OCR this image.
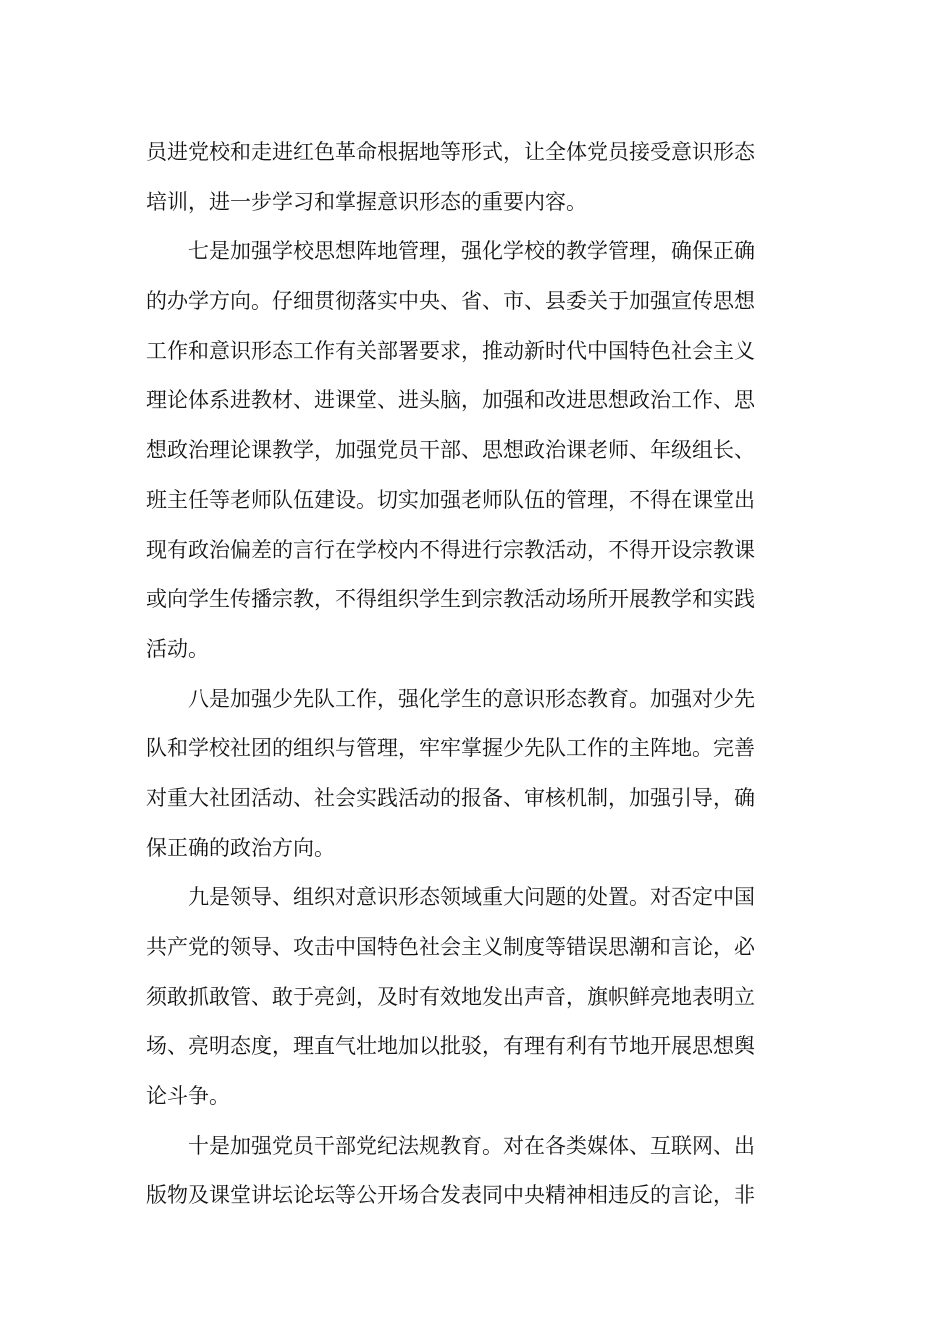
员进党校和走进红色革命根据地等形式，让全体党员接受意识形态
培训，进一步学习和掌握意识形态的重要内容。
七是加强学校思想阵地管理，强化学校的教学管理，确保正确
的办学方向。仔细贯彻落实中央、省、市、县委关于加强宣传思想
工作和意识形态工作有关部署要求，推动新时代中国特色社会主义
理论体系进教材、进课堂、进头脑，加强和改进思想政治工作、思
想政治理论课教学，加强党员干部、思想政治课老师、年级组长、
班主任等老师队伍建设。切实加强老师队伍的管理，不得在课堂出
现有政治偏差的言行在学校内不得进行宗教活动，不得开设宗教课
或向学生传播宗教，不得组织学生到宗教活动场所开展教学和实践
活动。
八是加强少先队工作，强化学生的意识形态教育。加强对少先
队和学校社团的组织与管理，牢牢掌握少先队工作的主阵地。完善
对重大社团活动、社会实践活动的报备、审核机制，加强引导，确
保正确的政治方向。
九是领导、组织对意识形态领域重大问题的处置。对否定中国
共产党的领导、攻击中国特色社会主义制度等错误思潮和言论，必
须敢抓敢管、敢于亮剑，及时有效地发出声音，旗帜鲜亮地表明立
场、亮明态度，理直气壮地加以批驳，有理有利有节地开展思想舆
论斗争。
十是加强党员干部党纪法规教育。对在各类媒体、互联网、出
版物及课堂讲坛论坛等公开场合发表同中央精神相违反的言论，非
